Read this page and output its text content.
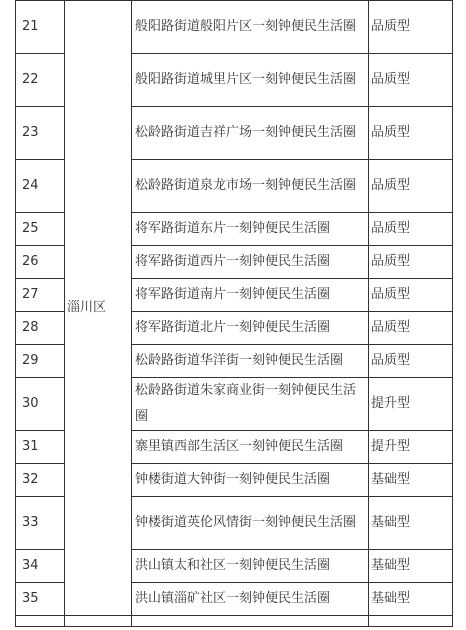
21	淄川区	般阳路街道般阳片区一刻钟便民生活圈	品质型
22		般阳路街道城里片区一刻钟便民生活圈	品质型
23		松龄路街道吉祥广场一刻钟便民生活圈	品质型
24		松龄路街道泉龙市场一刻钟便民生活圈	品质型
25		将军路街道东片一刻钟便民生活圈	品质型
26		将军路街道西片一刻钟便民生活圈	品质型
27		将军路街道南片一刻钟便民生活圈	品质型
28		将军路街道北片一刻钟便民生活圈	品质型
29		松龄路街道华洋街一刻钟便民生活圈	品质型
30		松龄路街道朱家商业街一刻钟便民生活圈	提升型
31		寨里镇西部生活区一刻钟便民生活圈	提升型
32		钟楼街道大钟街一刻钟便民生活圈	基础型
33		钟楼街道英伦风情街一刻钟便民生活圈	基础型
34		洪山镇太和社区一刻钟便民生活圈	基础型
35		洪山镇淄矿社区一刻钟便民生活圈	基础型
